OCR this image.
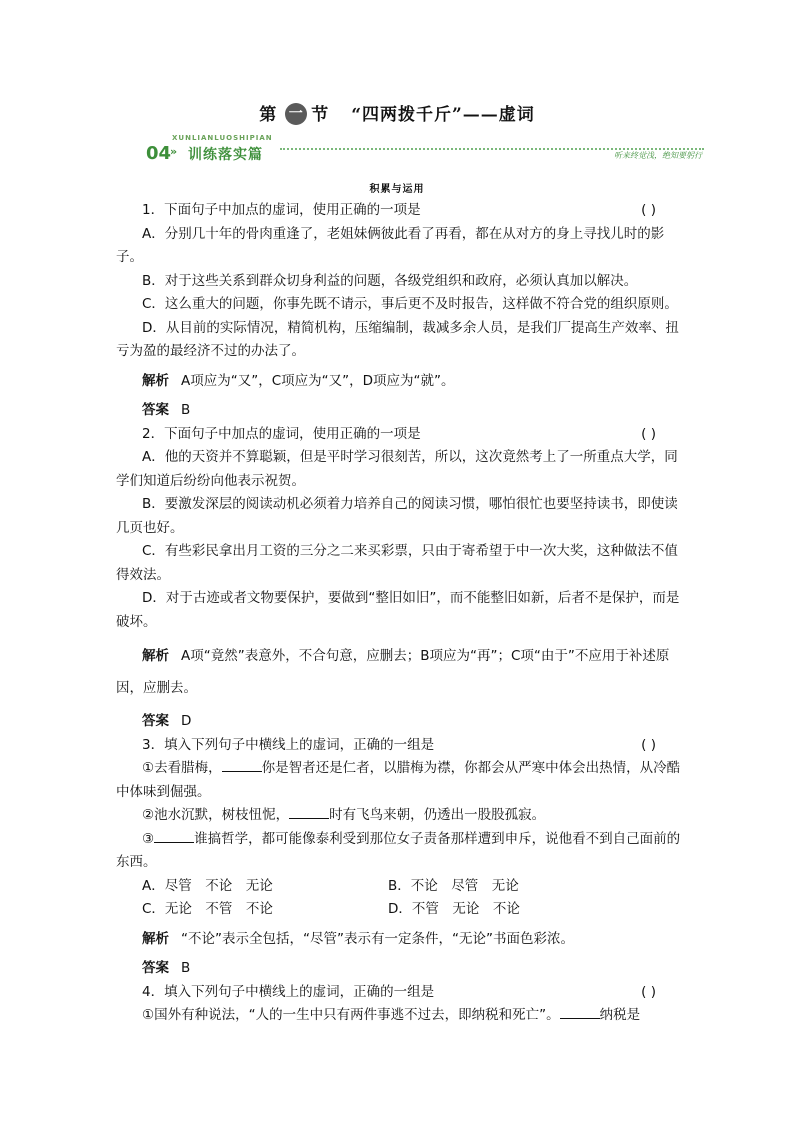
第 一 节 “四两拨千斤”——虚词
XUNLIANLUOSHIPIAN
04
» 训练落实篇	听来终觉浅，绝知要躬行
积累与运用

1．下面句子中加点的虚词，使用正确的一项是	( )

A．分别几十年的骨肉重逢了，老姐妹俩彼此看了再看，都在从对方的身上寻找儿时的影子。

B．对于这些关系到群众切身利益的问题，各级党组织和政府，必须认真加以解决。

C．这么重大的问题，你事先既不请示，事后更不及时报告，这样做不符合党的组织原则。

D．从目前的实际情况，精简机构，压缩编制，裁减多余人员，是我们厂提高生产效率、扭亏为盈的最经济不过的办法了。

解析 A项应为“又”，C项应为“又”，D项应为“就”。

答案 B

2．下面句子中加点的虚词，使用正确的一项是	( )

A．他的天资并不算聪颖，但是平时学习很刻苦，所以，这次竟然考上了一所重点大学，同学们知道后纷纷向他表示祝贺。

B．要激发深层的阅读动机必须着力培养自己的阅读习惯，哪怕很忙也要坚持读书，即使读几页也好。

C．有些彩民拿出月工资的三分之二来买彩票，只由于寄希望于中一次大奖，这种做法不值得效法。

D．对于古迹或者文物要保护，要做到“整旧如旧”，而不能整旧如新，后者不是保护，而是破坏。

解析 A项“竟然”表意外，不合句意，应删去；B项应为“再”；C项“由于”不应用于补述原因，应删去。

答案 D

3．填入下列句子中横线上的虚词，正确的一组是	( )

①去看腊梅，	你是智者还是仁者，以腊梅为襟，你都会从严寒中体会出热情，从冷酷中体味到倔强。

②池水沉默，树枝忸怩，	时有飞鸟来朝，仍透出一股股孤寂。

③	谁搞哲学，都可能像泰利受到那位女子责备那样遭到申斥，说他看不到自己面前的东西。

A．尽管　不论　无论	B．不论　尽管　无论
C．无论　不管　不论	D．不管　无论　不论

解析 “不论”表示全包括，“尽管”表示有一定条件，“无论”书面色彩浓。

答案 B

4．填入下列句子中横线上的虚词，正确的一组是	( )

①国外有种说法，“人的一生中只有两件事逃不过去，即纳税和死亡”。	纳税是
